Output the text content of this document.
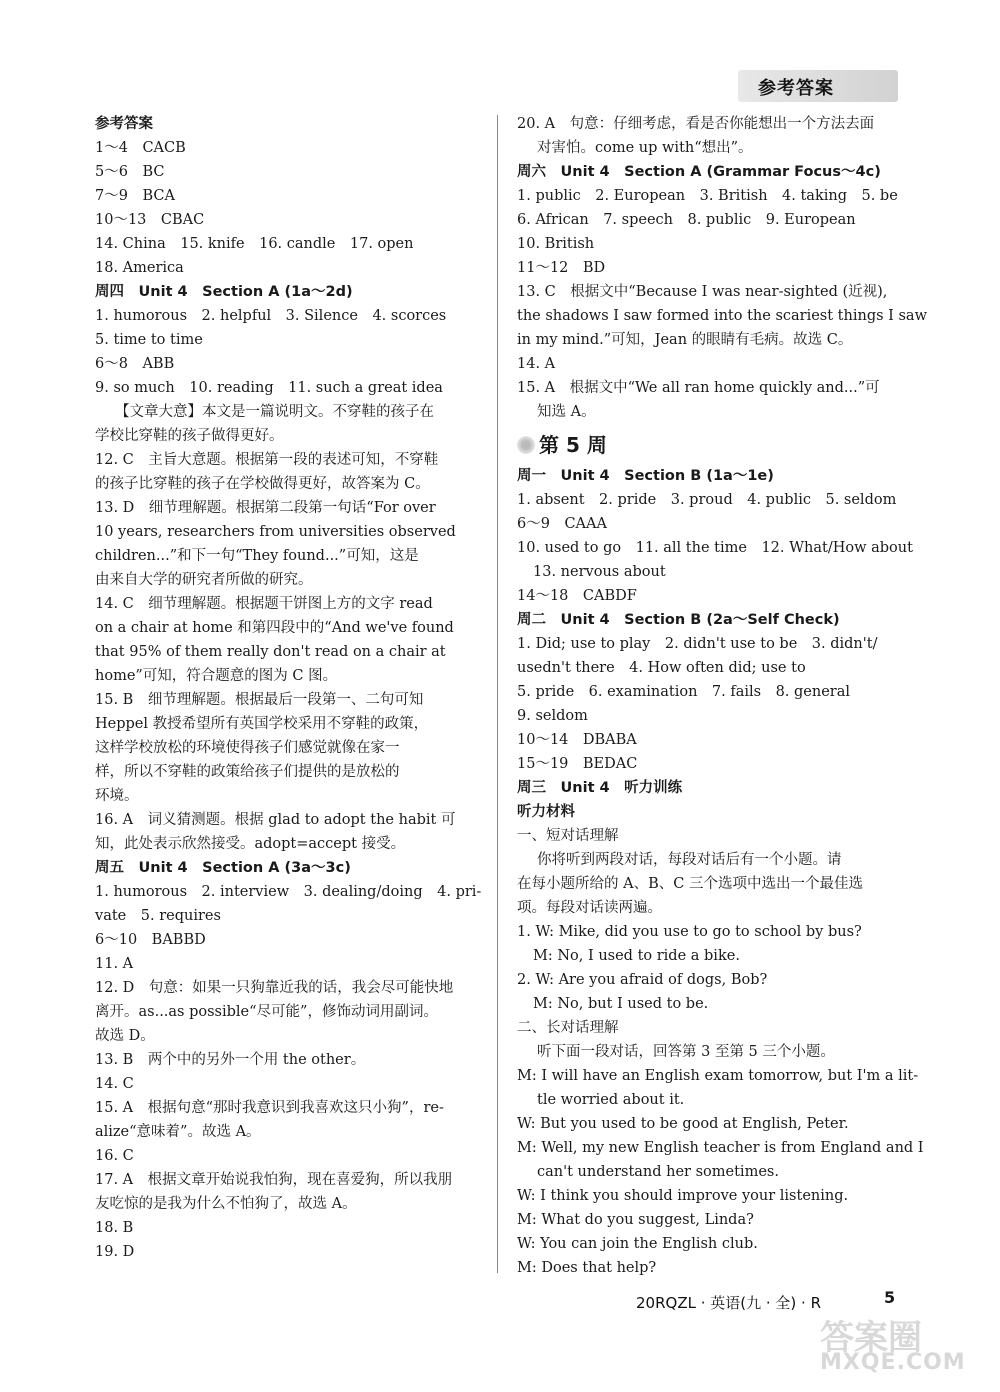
参考答案
参考答案
1～4　CACB
5～6　BC
7～9　BCA
10～13　CBAC
14. China　15. knife　16. candle　17. open
18. America
周四　Unit 4　Section A (1a～2d)
1. humorous　2. helpful　3. Silence　4. scorces
5. time to time
6～8　ABB
9. so much　10. reading　11. such a great idea
【文章大意】本文是一篇说明文。不穿鞋的孩子在
学校比穿鞋的孩子做得更好。
12. C　主旨大意题。根据第一段的表述可知，不穿鞋
的孩子比穿鞋的孩子在学校做得更好，故答案为 C。
13. D　细节理解题。根据第二段第一句话“For over
10 years, researchers from universities observed
children...”和下一句“They found...”可知，这是
由来自大学的研究者所做的研究。
14. C　细节理解题。根据题干饼图上方的文字 read
on a chair at home 和第四段中的“And we've found
that 95% of them really don't read on a chair at
home”可知，符合题意的图为 C 图。
15. B　细节理解题。根据最后一段第一、二句可知
Heppel 教授希望所有英国学校采用不穿鞋的政策，
这样学校放松的环境使得孩子们感觉就像在家一
样，所以不穿鞋的政策给孩子们提供的是放松的
环境。
16. A　词义猜测题。根据 glad to adopt the habit 可
知，此处表示欣然接受。adopt=accept 接受。
周五　Unit 4　Section A (3a～3c)
1. humorous　2. interview　3. dealing/doing　4. pri-
vate　5. requires
6～10　BABBD
11. A
12. D　句意：如果一只狗靠近我的话，我会尽可能快地
离开。as...as possible“尽可能”，修饰动词用副词。
故选 D。
13. B　两个中的另外一个用 the other。
14. C
15. A　根据句意“那时我意识到我喜欢这只小狗”，re-
alize“意味着”。故选 A。
16. C
17. A　根据文章开始说我怕狗，现在喜爱狗，所以我朋
友吃惊的是我为什么不怕狗了，故选 A。
18. B
19. D
20. A　句意：仔细考虑，看是否你能想出一个方法去面
对害怕。come up with“想出”。
周六　Unit 4　Section A (Grammar Focus～4c)
1. public　2. European　3. British　4. taking　5. be
6. African　7. speech　8. public　9. European
10. British
11～12　BD
13. C　根据文中“Because I was near-sighted (近视),
the shadows I saw formed into the scariest things I saw
in my mind.”可知，Jean 的眼睛有毛病。故选 C。
14. A
15. A　根据文中“We all ran home quickly and...”可
知选 A。
第 5 周
周一　Unit 4　Section B (1a～1e)
1. absent　2. pride　3. proud　4. public　5. seldom
6～9　CAAA
10. used to go　11. all the time　12. What/How about
13. nervous about
14～18　CABDF
周二　Unit 4　Section B (2a～Self Check)
1. Did; use to play　2. didn't use to be　3. didn't/
usedn't there　4. How often did; use to
5. pride　6. examination　7. fails　8. general
9. seldom
10～14　DBABA
15～19　BEDAC
周三　Unit 4　听力训练
听力材料
一、短对话理解
你将听到两段对话，每段对话后有一个小题。请
在每小题所给的 A、B、C 三个选项中选出一个最佳选
项。每段对话读两遍。
1. W: Mike, did you use to go to school by bus?
M: No, I used to ride a bike.
2. W: Are you afraid of dogs, Bob?
M: No, but I used to be.
二、长对话理解
听下面一段对话，回答第 3 至第 5 三个小题。
M: I will have an English exam tomorrow, but I'm a lit-
tle worried about it.
W: But you used to be good at English, Peter.
M: Well, my new English teacher is from England and I
can't understand her sometimes.
W: I think you should improve your listening.
M: What do you suggest, Linda?
W: You can join the English club.
M: Does that help?
20RQZL · 英语(九 · 全) · R	5
答案圈
MXQE.COM
